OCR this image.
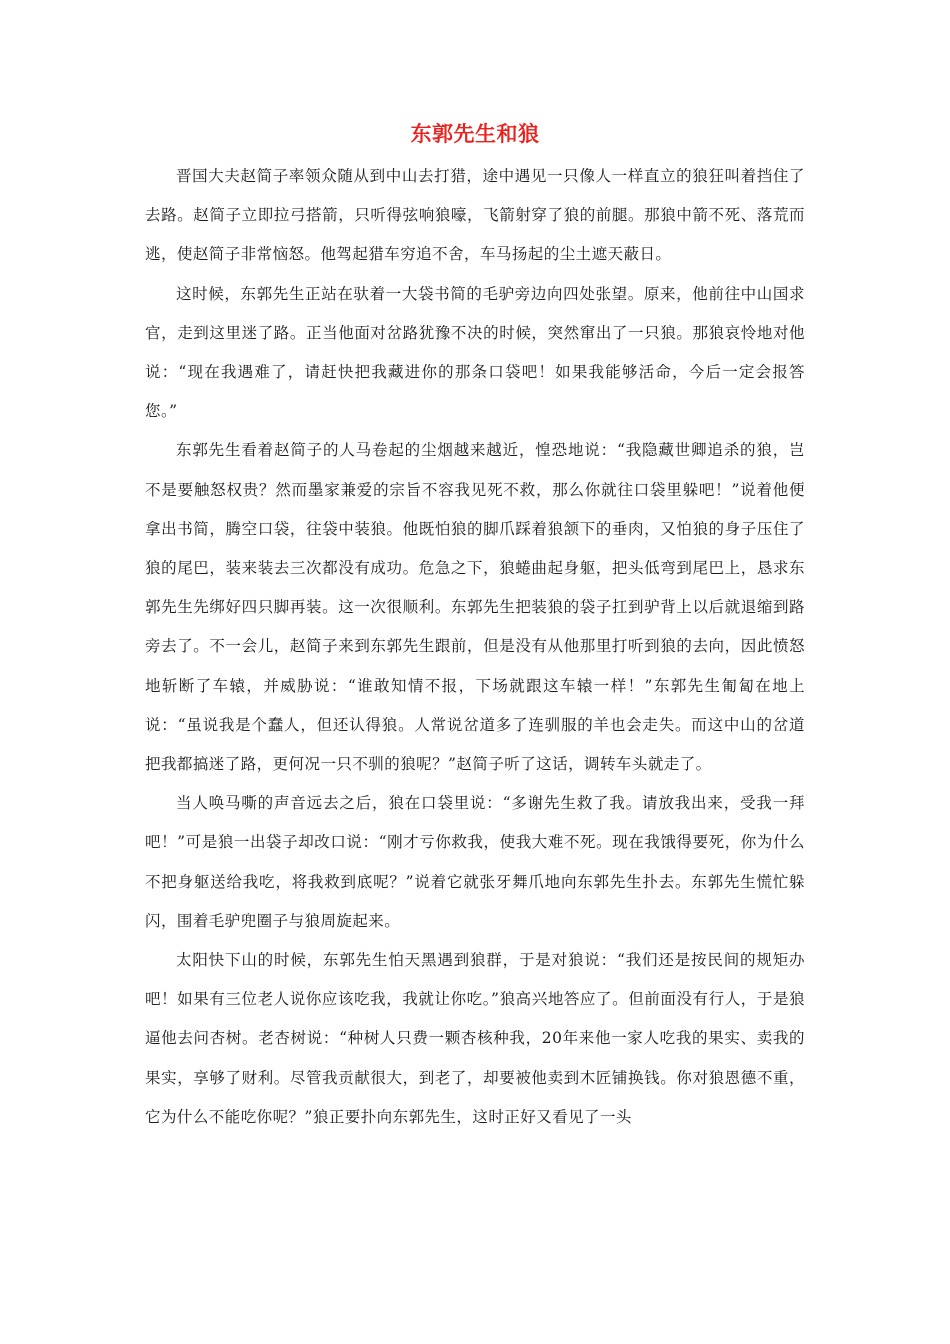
东郭先生和狼

晋国大夫赵简子率领众随从到中山去打猎，途中遇见一只像人一样直立的狼狂叫着挡住了去路。赵简子立即拉弓搭箭，只听得弦响狼嚎，飞箭射穿了狼的前腿。那狼中箭不死、落荒而逃，使赵简子非常恼怒。他驾起猎车穷追不舍，车马扬起的尘土遮天蔽日。

这时候，东郭先生正站在驮着一大袋书简的毛驴旁边向四处张望。原来，他前往中山国求官，走到这里迷了路。正当他面对岔路犹豫不决的时候，突然窜出了一只狼。那狼哀怜地对他说：“现在我遇难了，请赶快把我藏进你的那条口袋吧！如果我能够活命，今后一定会报答您。”

东郭先生看着赵简子的人马卷起的尘烟越来越近，惶恐地说：“我隐藏世卿追杀的狼，岂不是要触怒权贵？然而墨家兼爱的宗旨不容我见死不救，那么你就往口袋里躲吧！”说着他便拿出书简，腾空口袋，往袋中装狼。他既怕狼的脚爪踩着狼颔下的垂肉，又怕狼的身子压住了狼的尾巴，装来装去三次都没有成功。危急之下，狼蜷曲起身躯，把头低弯到尾巴上，恳求东郭先生先绑好四只脚再装。这一次很顺利。东郭先生把装狼的袋子扛到驴背上以后就退缩到路旁去了。不一会儿，赵简子来到东郭先生跟前，但是没有从他那里打听到狼的去向，因此愤怒地斩断了车辕，并威胁说：“谁敢知情不报，下场就跟这车辕一样！”东郭先生匍匐在地上说：“虽说我是个蠢人，但还认得狼。人常说岔道多了连驯服的羊也会走失。而这中山的岔道把我都搞迷了路，更何况一只不驯的狼呢？”赵简子听了这话，调转车头就走了。

当人唤马嘶的声音远去之后，狼在口袋里说：“多谢先生救了我。请放我出来，受我一拜吧！”可是狼一出袋子却改口说：“刚才亏你救我，使我大难不死。现在我饿得要死，你为什么不把身躯送给我吃，将我救到底呢？”说着它就张牙舞爪地向东郭先生扑去。东郭先生慌忙躲闪，围着毛驴兜圈子与狼周旋起来。

太阳快下山的时候，东郭先生怕天黑遇到狼群，于是对狼说：“我们还是按民间的规矩办吧！如果有三位老人说你应该吃我，我就让你吃。”狼高兴地答应了。但前面没有行人，于是狼逼他去问杏树。老杏树说：“种树人只费一颗杏核种我，20年来他一家人吃我的果实、卖我的果实，享够了财利。尽管我贡献很大，到老了，却要被他卖到木匠铺换钱。你对狼恩德不重，它为什么不能吃你呢？”狼正要扑向东郭先生，这时正好又看见了一头
